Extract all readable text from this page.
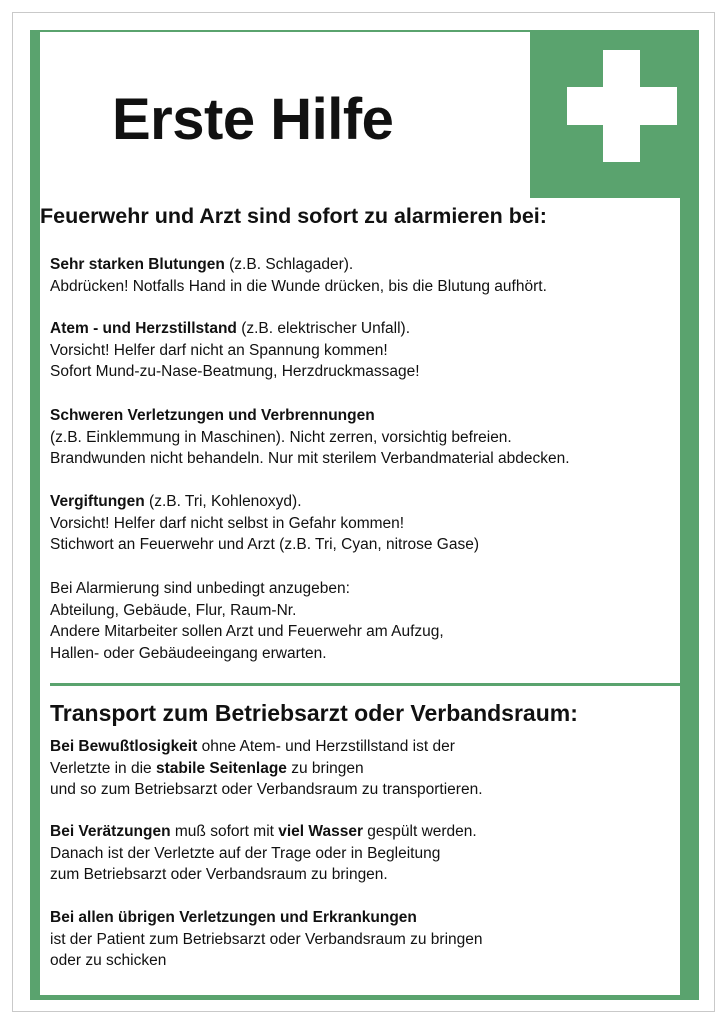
Erste Hilfe
Feuerwehr und Arzt sind sofort zu alarmieren bei:
Sehr starken Blutungen (z.B. Schlagader).
Abdrücken! Notfalls Hand in die Wunde drücken, bis die Blutung aufhört.
Atem - und Herzstillstand (z.B. elektrischer Unfall).
Vorsicht! Helfer darf nicht an Spannung kommen!
Sofort Mund-zu-Nase-Beatmung, Herzdruckmassage!
Schweren Verletzungen und Verbrennungen
(z.B. Einklemmung in Maschinen). Nicht zerren, vorsichtig befreien.
Brandwunden nicht behandeln. Nur mit sterilem Verbandmaterial abdecken.
Vergiftungen (z.B. Tri, Kohlenoxyd).
Vorsicht! Helfer darf nicht selbst in Gefahr kommen!
Stichwort an Feuerwehr und Arzt (z.B. Tri, Cyan, nitrose Gase)
Bei Alarmierung sind unbedingt anzugeben:
Abteilung, Gebäude, Flur, Raum-Nr.
Andere Mitarbeiter sollen Arzt und Feuerwehr am Aufzug,
Hallen- oder Gebäudeeingang erwarten.
Transport zum Betriebsarzt oder Verbandsraum:
Bei Bewußtlosigkeit ohne Atem- und Herzstillstand ist der
Verletzte in die stabile Seitenlage zu bringen
und so zum Betriebsarzt oder Verbandsraum zu transportieren.
Bei Verätzungen muß sofort mit viel Wasser gespült werden.
Danach ist der Verletzte auf der Trage oder in Begleitung
zum Betriebsarzt oder Verbandsraum zu bringen.
Bei allen übrigen Verletzungen und Erkrankungen
ist der Patient zum Betriebsarzt oder Verbandsraum zu bringen
oder zu schicken
